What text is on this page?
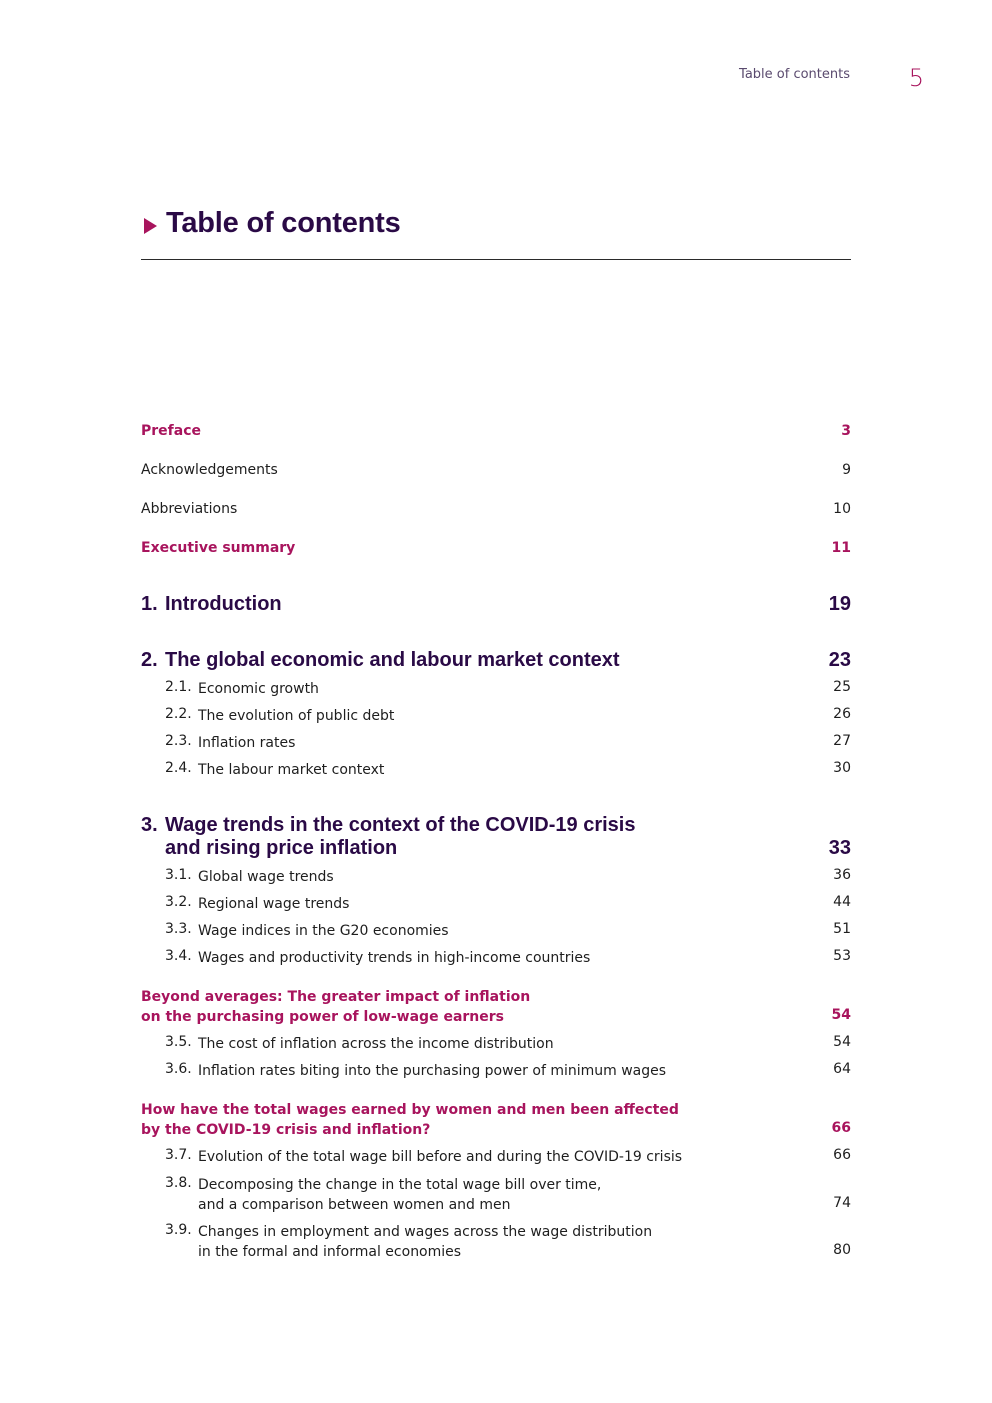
Table of contents	5
Table of contents
Preface	3
Acknowledgements	9
Abbreviations	10
Executive summary	11
1. Introduction	19
2. The global economic and labour market context	23
2.1. Economic growth	25
2.2. The evolution of public debt	26
2.3. Inflation rates	27
2.4. The labour market context	30
3. Wage trends in the context of the COVID-19 crisis
and rising price inflation	33
3.1. Global wage trends	36
3.2. Regional wage trends	44
3.3. Wage indices in the G20 economies	51
3.4. Wages and productivity trends in high-income countries	53
Beyond averages: The greater impact of inflation
on the purchasing power of low-wage earners	54
3.5. The cost of inflation across the income distribution	54
3.6. Inflation rates biting into the purchasing power of minimum wages	64
How have the total wages earned by women and men been affected
by the COVID-19 crisis and inflation?	66
3.7. Evolution of the total wage bill before and during the COVID-19 crisis	66
3.8. Decomposing the change in the total wage bill over time,
and a comparison between women and men	74
3.9. Changes in employment and wages across the wage distribution
in the formal and informal economies	80
